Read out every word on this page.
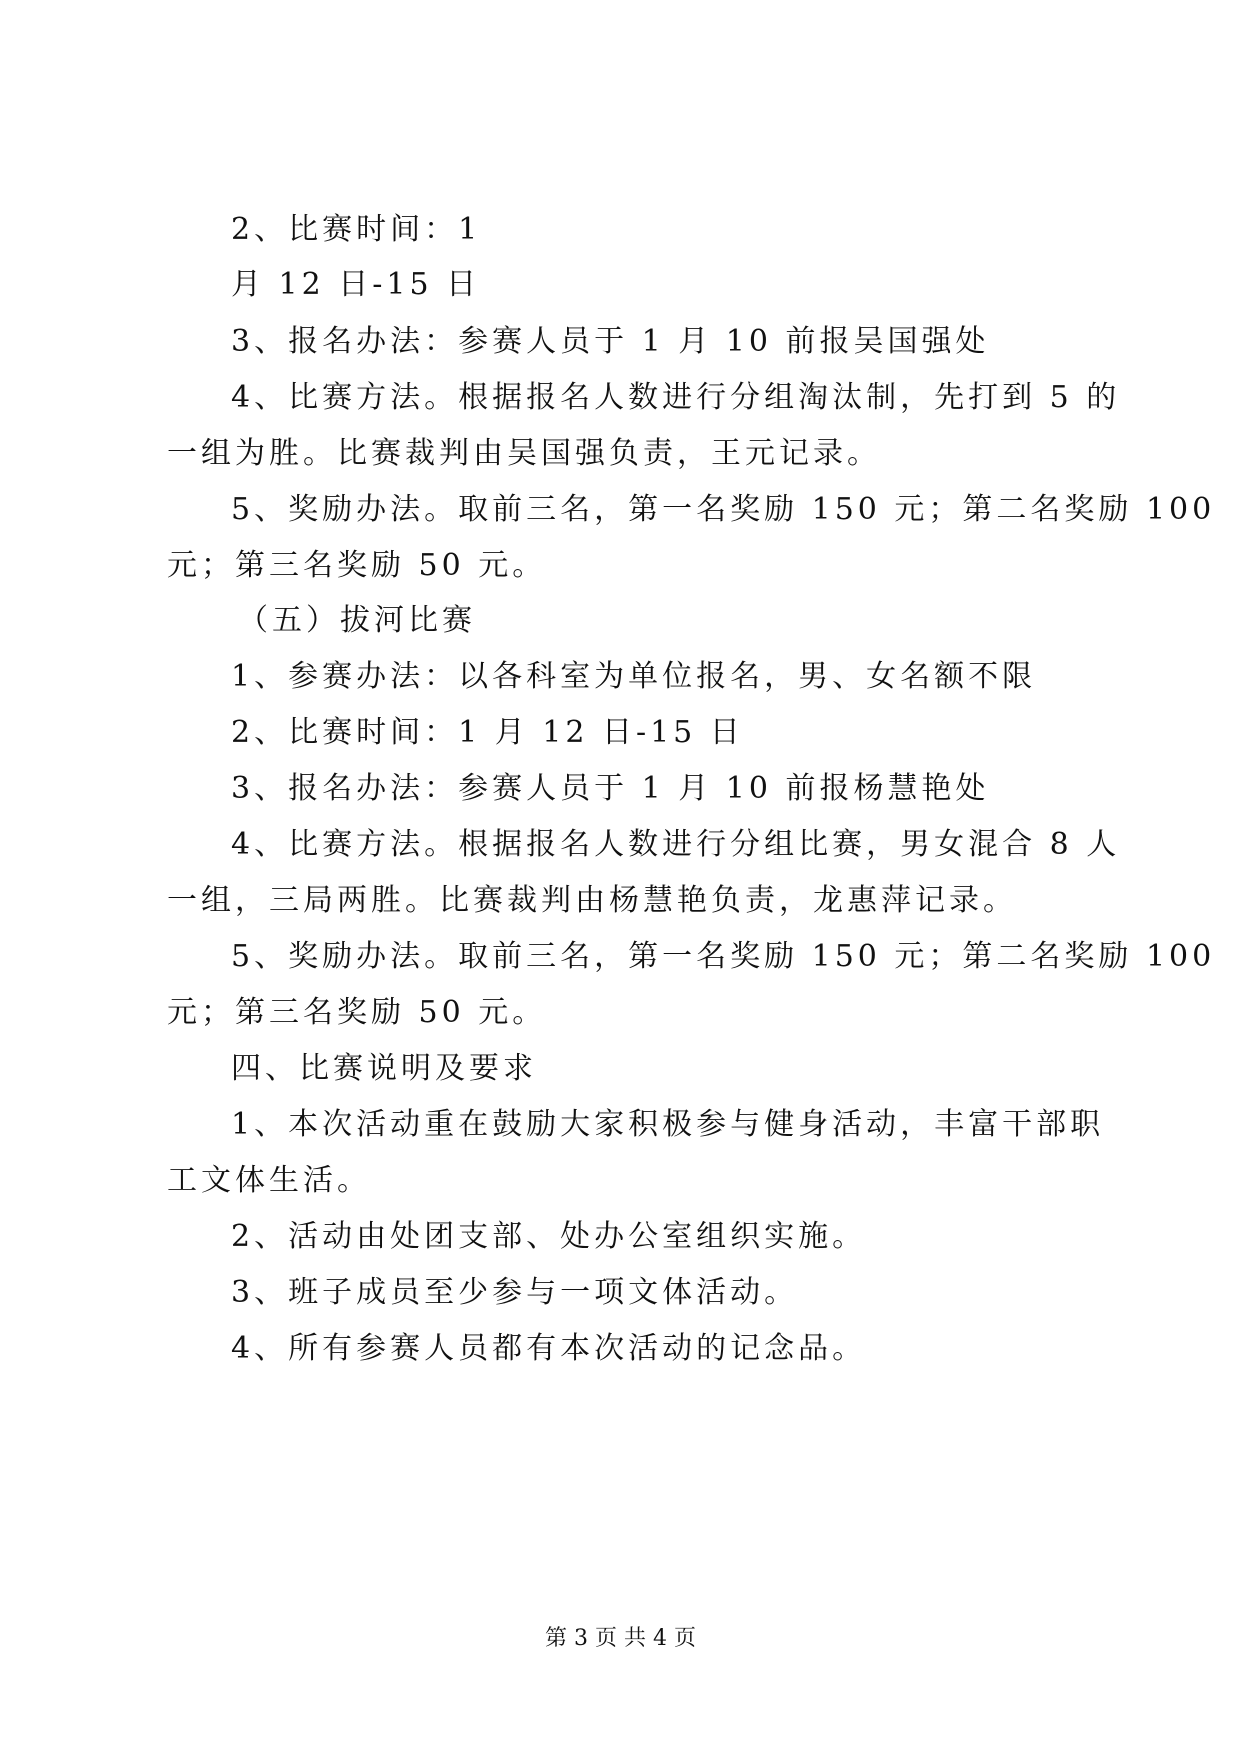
2、比赛时间：1
月 12 日-15 日
3、报名办法：参赛人员于 1 月 10 前报吴国强处
4、比赛方法。根据报名人数进行分组淘汰制，先打到 5 的
一组为胜。比赛裁判由吴国强负责，王元记录。
5、奖励办法。取前三名，第一名奖励 150 元；第二名奖励 100
元；第三名奖励 50 元。
（五）拔河比赛
1、参赛办法：以各科室为单位报名，男、女名额不限
2、比赛时间：1 月 12 日-15 日
3、报名办法：参赛人员于 1 月 10 前报杨慧艳处
4、比赛方法。根据报名人数进行分组比赛，男女混合 8 人
一组，三局两胜。比赛裁判由杨慧艳负责，龙惠萍记录。
5、奖励办法。取前三名，第一名奖励 150 元；第二名奖励 100
元；第三名奖励 50 元。
四、比赛说明及要求
1、本次活动重在鼓励大家积极参与健身活动，丰富干部职
工文体生活。
2、活动由处团支部、处办公室组织实施。
3、班子成员至少参与一项文体活动。
4、所有参赛人员都有本次活动的记念品。
第 3 页 共 4 页
